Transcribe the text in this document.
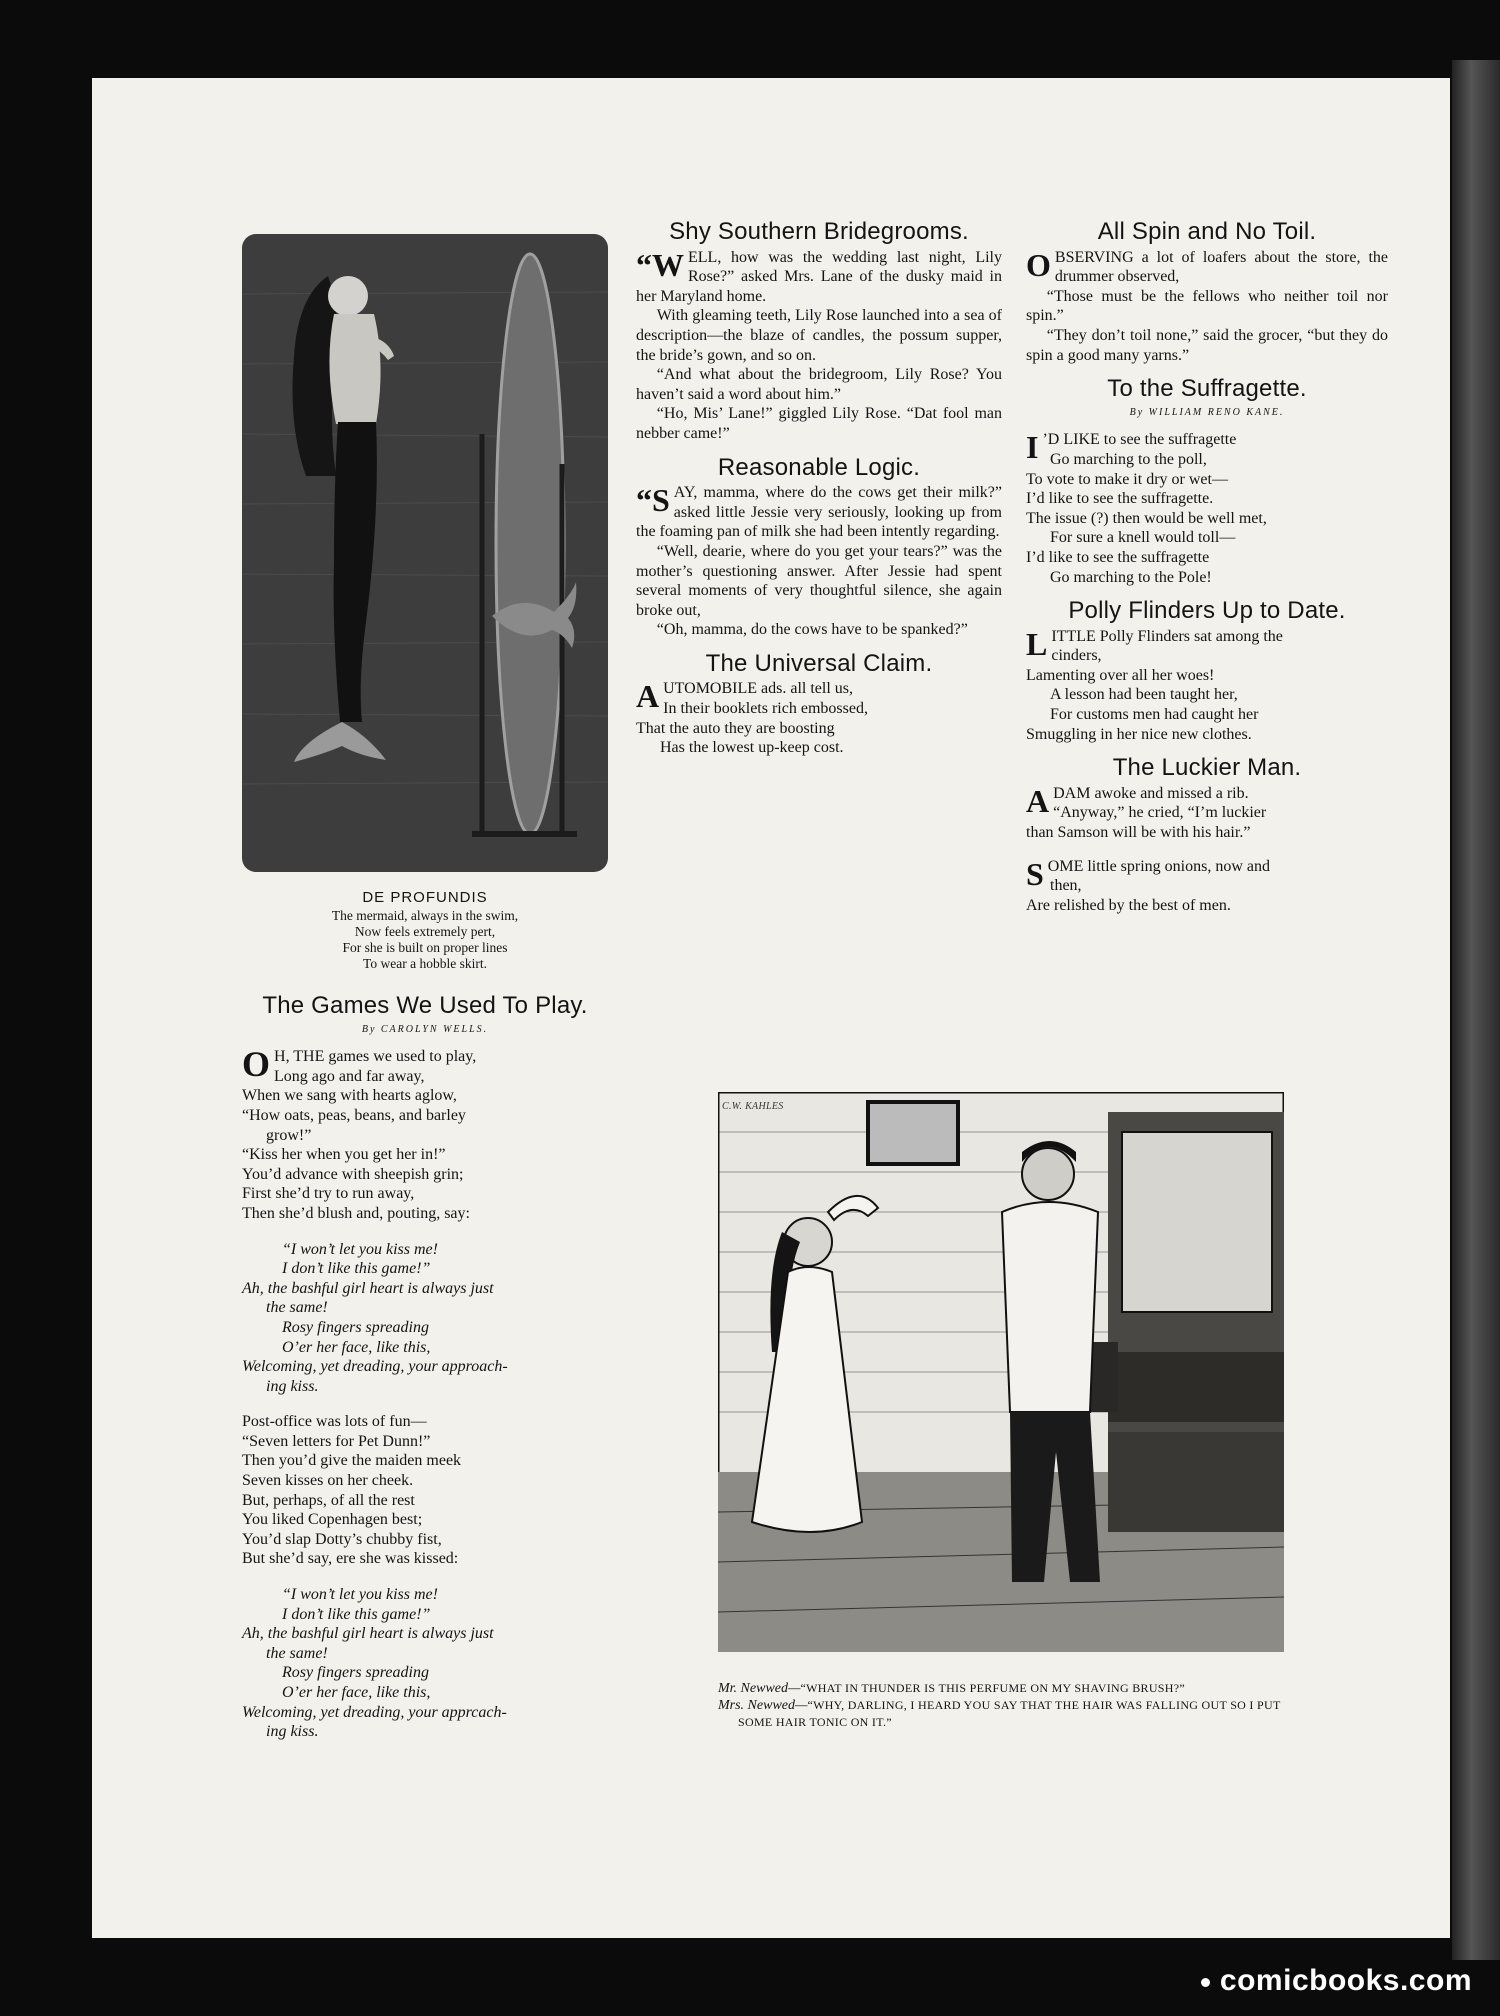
DE PROFUNDIS
The mermaid, always in the swim,
Now feels extremely pert,
For she is built on proper lines
To wear a hobble skirt.
The Games We Used To Play.
By CAROLYN WELLS.
O H, THE games we used to play,
Long ago and far away,
When we sang with hearts aglow,
“How oats, peas, beans, and barley
grow!”
“Kiss her when you get her in!”
You’d advance with sheepish grin;
First she’d try to run away,
Then she’d blush and, pouting, say:
“I won’t let you kiss me!
I don’t like this game!”
Ah, the bashful girl heart is always just
the same!
Rosy fingers spreading
O’er her face, like this,
Welcoming, yet dreading, your approach-
ing kiss.
Post-office was lots of fun—
“Seven letters for Pet Dunn!”
Then you’d give the maiden meek
Seven kisses on her cheek.
But, perhaps, of all the rest
You liked Copenhagen best;
You’d slap Dotty’s chubby fist,
But she’d say, ere she was kissed:
“I won’t let you kiss me!
I don’t like this game!”
Ah, the bashful girl heart is always just
the same!
Rosy fingers spreading
O’er her face, like this,
Welcoming, yet dreading, your apprcach-
ing kiss.
Shy Southern Bridegrooms.

“WELL, how was the wedding last night, Lily Rose?” asked Mrs. Lane of the dusky maid in her Maryland home.

With gleaming teeth, Lily Rose launched into a sea of description—the blaze of candles, the possum supper, the bride’s gown, and so on.

“And what about the bridegroom, Lily Rose? You haven’t said a word about him.”

“Ho, Mis’ Lane!” giggled Lily Rose. “Dat fool man nebber came!”

Reasonable Logic.

“SAY, mamma, where do the cows get their milk?” asked little Jessie very seriously, looking up from the foaming pan of milk she had been intently regarding.

“Well, dearie, where do you get your tears?” was the mother’s questioning answer. After Jessie had spent several moments of very thoughtful silence, she again broke out,

“Oh, mamma, do the cows have to be spanked?”

The Universal Claim.
A UTOMOBILE ads. all tell us,
In their booklets rich embossed,
That the auto they are boosting
Has the lowest up-keep cost.
All Spin and No Toil.

OBSERVING a lot of loafers about the store, the drummer observed,

“Those must be the fellows who neither toil nor spin.”

“They don’t toil none,” said the grocer, “but they do spin a good many yarns.”

To the Suffragette.
By WILLIAM RENO KANE.
I ’D LIKE to see the suffragette
Go marching to the poll,
To vote to make it dry or wet—
I’d like to see the suffragette.
The issue (?) then would be well met,
For sure a knell would toll—
I’d like to see the suffragette
Go marching to the Pole!
Polly Flinders Up to Date.
L ITTLE Polly Flinders sat among the
cinders,
Lamenting over all her woes!
A lesson had been taught her,
For customs men had caught her
Smuggling in her nice new clothes.
The Luckier Man.
A DAM awoke and missed a rib.
“Anyway,” he cried, “I’m luckier
than Samson will be with his hair.”
S OME little spring onions, now and
then,
Are relished by the best of men.
C.W. KAHLES
Mr. Newwed—“WHAT IN THUNDER IS THIS PERFUME ON MY SHAVING BRUSH?”
Mrs. Newwed—“WHY, DARLING, I HEARD YOU SAY THAT THE HAIR WAS FALLING OUT SO I PUT SOME HAIR TONIC ON IT.”
comicbooks.com
